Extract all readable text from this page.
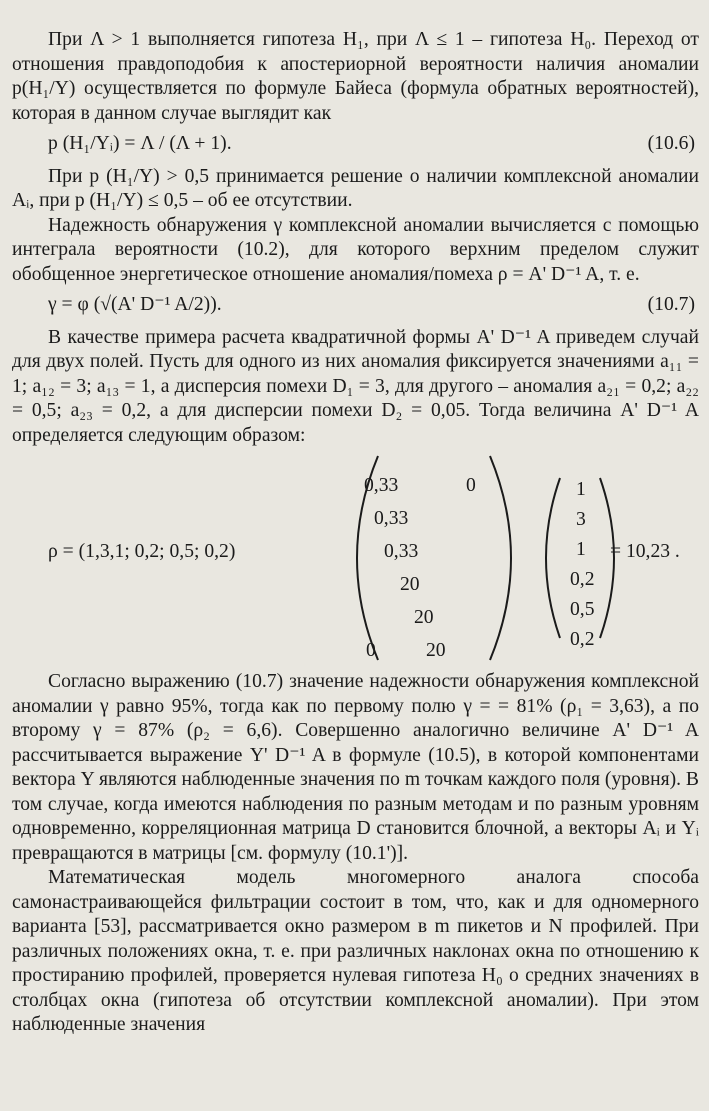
При Λ > 1 выполняется гипотеза H₁, при Λ ≤ 1 – гипотеза H₀. Переход от отношения правдоподобия к апостериорной вероятности наличия аномалии p(H₁/Y) осуществляется по формуле Байеса (формула обратных вероятностей), которая в данном случае выглядит как

p (H₁/Yᵢ) = Λ / (Λ + 1).	(10.6)

При p (H₁/Y) > 0,5 принимается решение о наличии комплексной аномалии Aᵢ, при p (H₁/Y) ≤ 0,5 – об ее отсутствии.

Надежность обнаружения γ комплексной аномалии вычисляется с помощью интеграла вероятности (10.2), для которого верхним пределом служит обобщенное энергетическое отношение аномалия/помеха ρ = A' D⁻¹ A, т. е.

γ = φ (√(A' D⁻¹ A/2)).	(10.7)

В качестве примера расчета квадратичной формы A' D⁻¹ A приведем случай для двух полей. Пусть для одного из них аномалия фиксируется значениями a₁₁ = 1; a₁₂ = 3; a₁₃ = 1, а дисперсия помехи D₁ = 3, для другого – аномалия a₂₁ = 0,2; a₂₂ = 0,5; a₂₃ = 0,2, а для дисперсии помехи D₂ = 0,05. Тогда величина A' D⁻¹ A определяется следующим образом:

ρ = (1,3,1; 0,2; 0,5; 0,2)
0,33
0,33
0,33
20
20
20
0
0
1
3
1
0,2
0,5
0,2
= 10,23 .

Согласно выражению (10.7) значение надежности обнаружения комплексной аномалии γ равно 95%, тогда как по первому полю γ = = 81% (ρ₁ = 3,63), а по второму γ = 87% (ρ₂ = 6,6). Совершенно аналогично величине A' D⁻¹ A рассчитывается выражение Y' D⁻¹ A в формуле (10.5), в которой компонентами вектора Y являются наблюденные значения по m точкам каждого поля (уровня). В том случае, когда имеются наблюдения по разным методам и по разным уровням одновременно, корреляционная матрица D становится блочной, а векторы Aᵢ и Yᵢ превращаются в матрицы [см. формулу (10.1')].

Математическая модель многомерного аналога способа самонастраивающейся фильтрации состоит в том, что, как и для одномерного варианта [53], рассматривается окно размером в m пикетов и N профилей. При различных положениях окна, т. е. при различных наклонах окна по отношению к простиранию профилей, проверяется нулевая гипотеза H₀ о средних значениях в столбцах окна (гипотеза об отсутствии комплексной аномалии). При этом наблюденные значения
